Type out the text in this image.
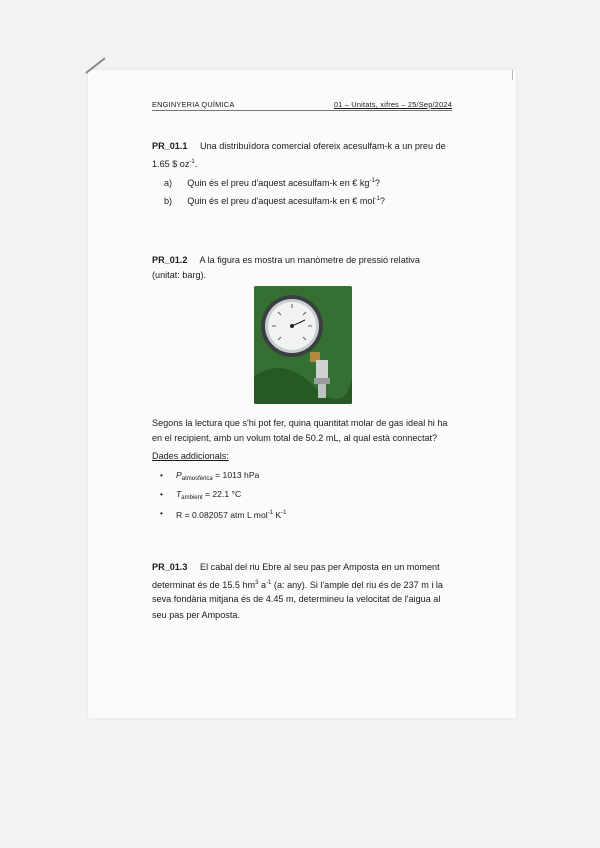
ENGINYERIA QUÍMICA	01 – Unitats, xifres – 25/Sep/2024
PR_01.1 Una distribuïdora comercial ofereix acesulfam-k a un preu de
1.65 $ $oz^{-1}$.
a) Quin és el preu d'aquest acesulfam-k en € $kg^{-1}$?
b) Quin és el preu d'aquest acesulfam-k en € mol$^{-1}$?
PR_01.2 A la figura es mostra un manòmetre de pressió relativa
(unitat: barg).
Segons la lectura que s'hi pot fer, quina quantitat molar de gas ideal hi ha
en el recipient, amb un volum total de 50.2 mL, al qual està connectat?
Dades addicionals:
• $P_{atmosfèrica} = 1013$ hPa
• $T_{ambient} = 22.1$ °C
• R = 0.082057 atm L mol$^{-1}$ $K^{-1}$
PR_01.3 El cabal del riu Ebre al seu pas per Amposta en un moment
determinat és de 15.5 $hm^3$ $a^{-1}$ (a: any). Si l'ample del riu és de 237 m i la
seva fondària mitjana és de 4.45 m, determineu la velocitat de l'aigua al
seu pas per Amposta.
